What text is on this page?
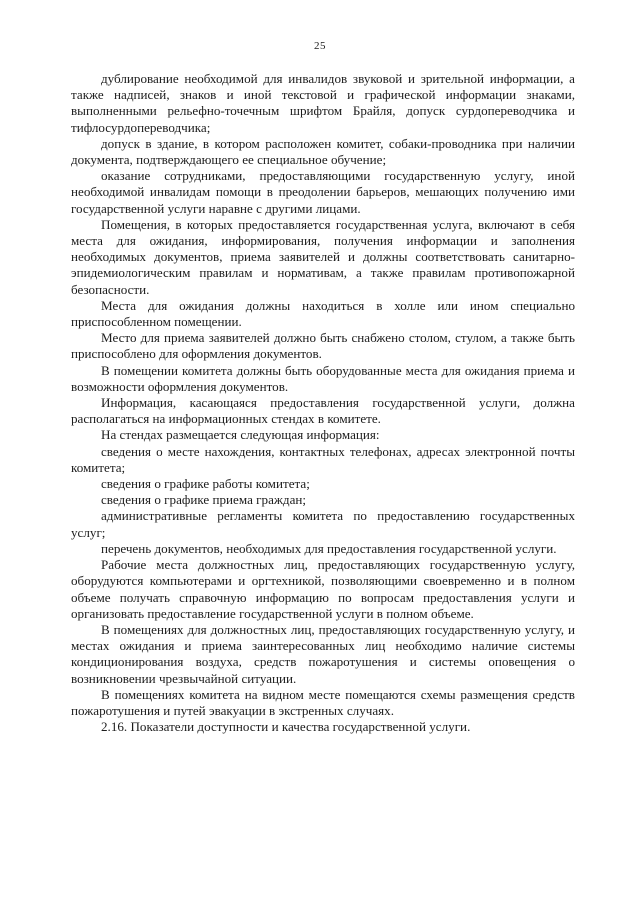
25

дублирование необходимой для инвалидов звуковой и зрительной информации, а также надписей, знаков и иной текстовой и графической информации знаками, выполненными рельефно-точечным шрифтом Брайля, допуск сурдопереводчика и тифлосурдопереводчика;

допуск в здание, в котором расположен комитет, собаки-проводника при наличии документа, подтверждающего ее специальное обучение;

оказание сотрудниками, предоставляющими государственную услугу, иной необходимой инвалидам помощи в преодолении барьеров, мешающих получению ими государственной услуги наравне с другими лицами.

Помещения, в которых предоставляется государственная услуга, включают в себя места для ожидания, информирования, получения информации и заполнения необходимых документов, приема заявителей и должны соответствовать санитарно-эпидемиологическим правилам и нормативам, а также правилам противопожарной безопасности.

Места для ожидания должны находиться в холле или ином специально приспособленном помещении.

Место для приема заявителей должно быть снабжено столом, стулом, а также быть приспособлено для оформления документов.

В помещении комитета должны быть оборудованные места для ожидания приема и возможности оформления документов.

Информация, касающаяся предоставления государственной услуги, должна располагаться на информационных стендах в комитете.

На стендах размещается следующая информация:

сведения о месте нахождения, контактных телефонах, адресах электронной почты комитета;

сведения о графике работы комитета;

сведения о графике приема граждан;

административные регламенты комитета по предоставлению государственных услуг;

перечень документов, необходимых для предоставления государственной услуги.

Рабочие места должностных лиц, предоставляющих государственную услугу, оборудуются компьютерами и оргтехникой, позволяющими своевременно и в полном объеме получать справочную информацию по вопросам предоставления услуги и организовать предоставление государственной услуги в полном объеме.

В помещениях для должностных лиц, предоставляющих государственную услугу, и местах ожидания и приема заинтересованных лиц необходимо наличие системы кондиционирования воздуха, средств пожаротушения и системы оповещения о возникновении чрезвычайной ситуации.

В помещениях комитета на видном месте помещаются схемы размещения средств пожаротушения и путей эвакуации в экстренных случаях.

2.16. Показатели доступности и качества государственной услуги.
